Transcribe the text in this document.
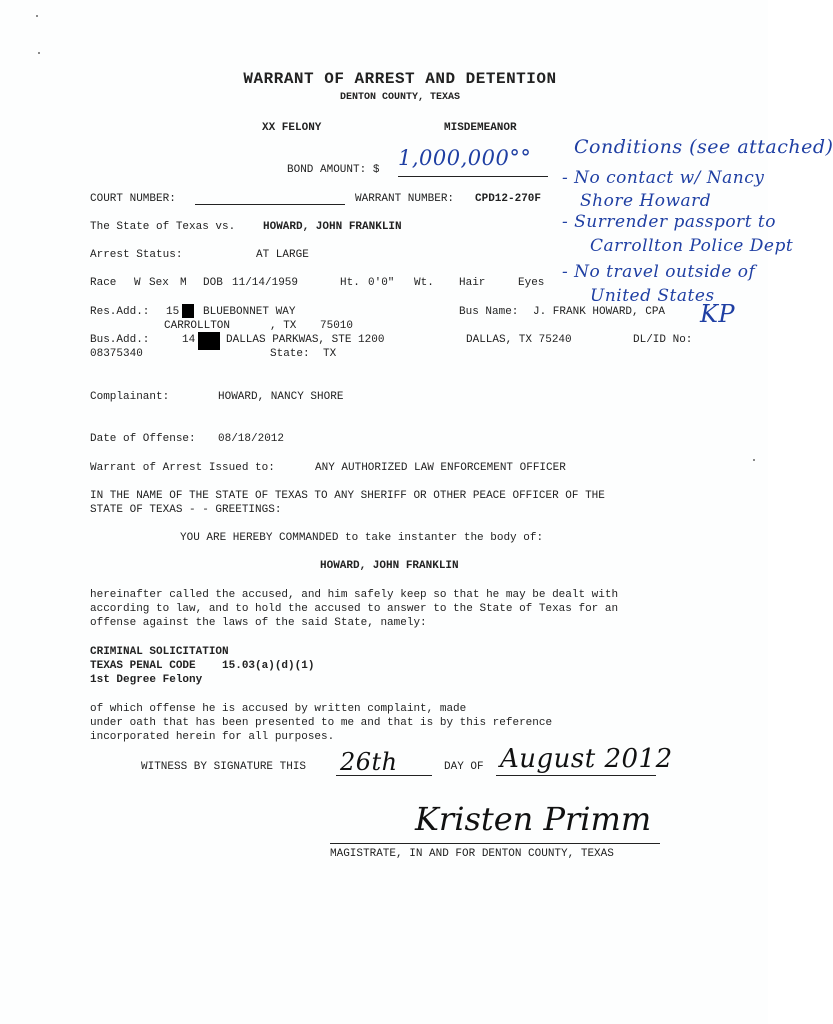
WARRANT OF ARREST AND DETENTION
DENTON COUNTY, TEXAS
XX FELONY	MISDEMEANOR
BOND AMOUNT: $ 1,000,000°°
COURT NUMBER:	WARRANT NUMBER: CPD12-270F
The State of Texas vs.	HOWARD, JOHN FRANKLIN
Arrest Status:	AT LARGE
Race W Sex M DOB 11/14/1959	Ht. 0'0" Wt. Hair	Eyes
Res.Add.: 15 BLUEBONNET WAY
CARROLLTON	, TX 75010
Bus Name: J. FRANK HOWARD, CPA
Bus.Add.:	14	DALLAS PARKWAS, STE 1200	DALLAS, TX 75240	DL/ID No:
08375340	State: TX
Complainant:	HOWARD, NANCY SHORE
Date of Offense: 08/18/2012
Warrant of Arrest Issued to:	ANY AUTHORIZED LAW ENFORCEMENT OFFICER
IN THE NAME OF THE STATE OF TEXAS TO ANY SHERIFF OR OTHER PEACE OFFICER OF THE
STATE OF TEXAS - - GREETINGS:
YOU ARE HEREBY COMMANDED to take instanter the body of:
HOWARD, JOHN FRANKLIN
hereinafter called the accused, and him safely keep so that he may be dealt with
according to law, and to hold the accused to answer to the State of Texas for an
offense against the laws of the said State, namely:
CRIMINAL SOLICITATION
TEXAS PENAL CODE    15.03(a)(d)(1)
1st Degree Felony
of which offense he is accused by written complaint, made
under oath that has been presented to me and that is by this reference
incorporated herein for all purposes.
WITNESS BY SIGNATURE THIS 26th	DAY OF August 2012
Kristen Primm
MAGISTRATE, IN AND FOR DENTON COUNTY, TEXAS
Conditions (see attached)
- No contact w/ Nancy
Shore Howard
- Surrender passport to
Carrollton Police Dept
- No travel outside of
United States
KP
